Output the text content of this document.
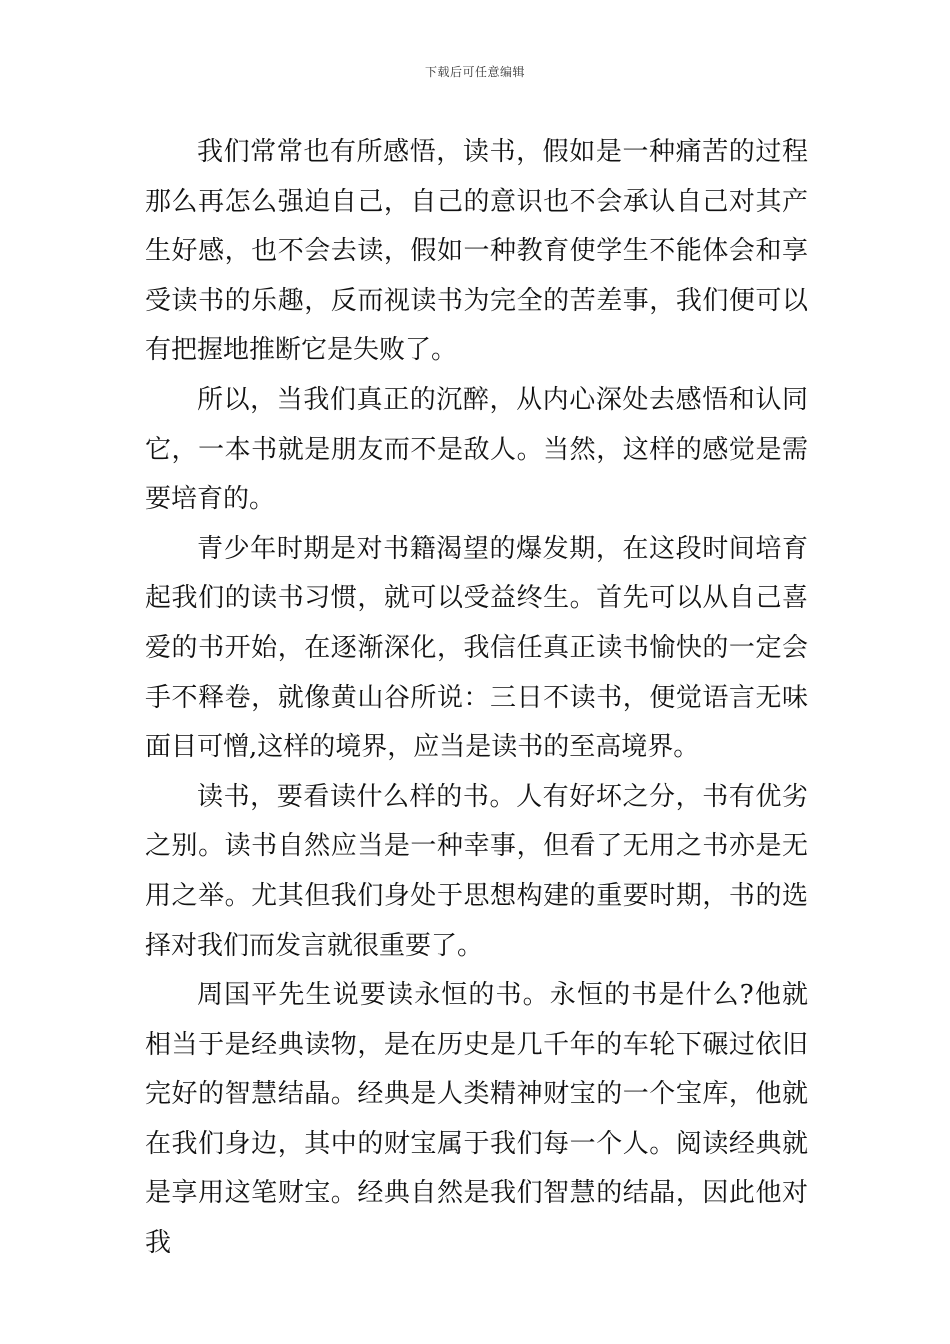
下载后可任意编辑

我们常常也有所感悟，读书，假如是一种痛苦的过程那么再怎么强迫自己，自己的意识也不会承认自己对其产生好感，也不会去读，假如一种教育使学生不能体会和享受读书的乐趣，反而视读书为完全的苦差事，我们便可以有把握地推断它是失败了。

所以，当我们真正的沉醉，从内心深处去感悟和认同它，一本书就是朋友而不是敌人。当然，这样的感觉是需要培育的。

青少年时期是对书籍渴望的爆发期，在这段时间培育起我们的读书习惯，就可以受益终生。首先可以从自己喜爱的书开始，在逐渐深化，我信任真正读书愉快的一定会手不释卷，就像黄山谷所说：三日不读书，便觉语言无味面目可憎,这样的境界，应当是读书的至高境界。

读书，要看读什么样的书。人有好坏之分，书有优劣之别。读书自然应当是一种幸事，但看了无用之书亦是无用之举。尤其但我们身处于思想构建的重要时期，书的选择对我们而发言就很重要了。

周国平先生说要读永恒的书。永恒的书是什么?他就相当于是经典读物，是在历史是几千年的车轮下碾过依旧完好的智慧结晶。经典是人类精神财宝的一个宝库，他就在我们身边，其中的财宝属于我们每一个人。阅读经典就是享用这笔财宝。经典自然是我们智慧的结晶，因此他对我
